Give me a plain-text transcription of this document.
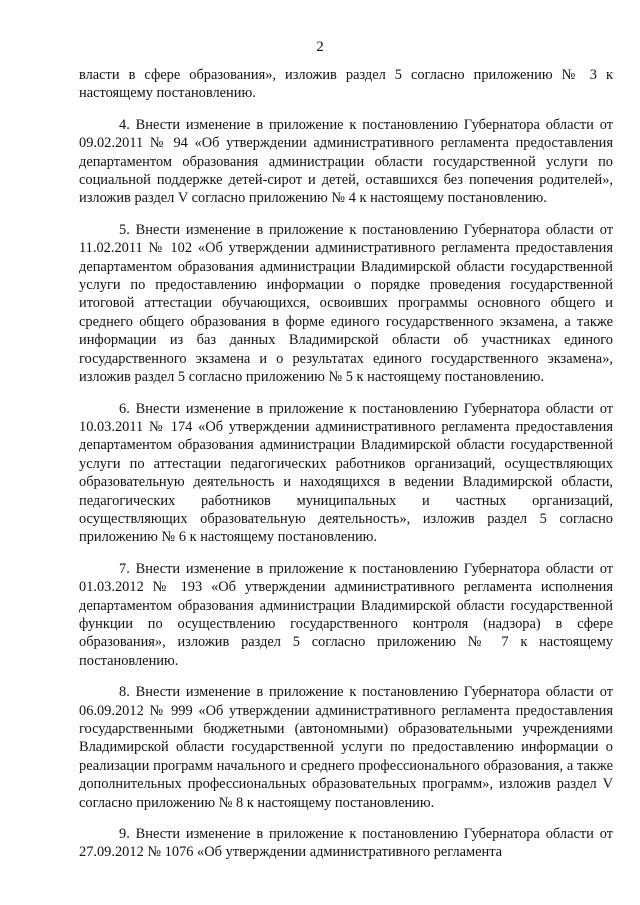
2

власти в сфере образования», изложив раздел 5 согласно приложению № 3 к настоящему постановлению.

4. Внести изменение в приложение к постановлению Губернатора области от 09.02.2011 № 94 «Об утверждении административного регламента предоставления департаментом образования администрации области государственной услуги по социальной поддержке детей-сирот и детей, оставшихся без попечения родителей», изложив раздел V согласно приложению № 4 к настоящему постановлению.

5. Внести изменение в приложение к постановлению Губернатора области от 11.02.2011 № 102 «Об утверждении административного регламента предоставления департаментом образования администрации Владимирской области государственной услуги по предоставлению информации о порядке проведения государственной итоговой аттестации обучающихся, освоивших программы основного общего и среднего общего образования в форме единого государственного экзамена, а также информации из баз данных Владимирской области об участниках единого государственного экзамена и о результатах единого государственного экзамена», изложив раздел 5 согласно приложению № 5 к настоящему постановлению.

6. Внести изменение в приложение к постановлению Губернатора области от 10.03.2011 № 174 «Об утверждении административного регламента предоставления департаментом образования администрации Владимирской области государственной услуги по аттестации педагогических работников организаций, осуществляющих образовательную деятельность и находящихся в ведении Владимирской области, педагогических работников муниципальных и частных организаций, осуществляющих образовательную деятельность», изложив раздел 5 согласно приложению № 6 к настоящему постановлению.

7. Внести изменение в приложение к постановлению Губернатора области от 01.03.2012 № 193 «Об утверждении административного регламента исполнения департаментом образования администрации Владимирской области государственной функции по осуществлению государственного контроля (надзора) в сфере образования», изложив раздел 5 согласно приложению № 7 к настоящему постановлению.

8. Внести изменение в приложение к постановлению Губернатора области от 06.09.2012 № 999 «Об утверждении административного регламента предоставления государственными бюджетными (автономными) образовательными учреждениями Владимирской области государственной услуги по предоставлению информации о реализации программ начального и среднего профессионального образования, а также дополнительных профессиональных образовательных программ», изложив раздел V согласно приложению № 8 к настоящему постановлению.

9. Внести изменение в приложение к постановлению Губернатора области от 27.09.2012 № 1076 «Об утверждении административного регламента
